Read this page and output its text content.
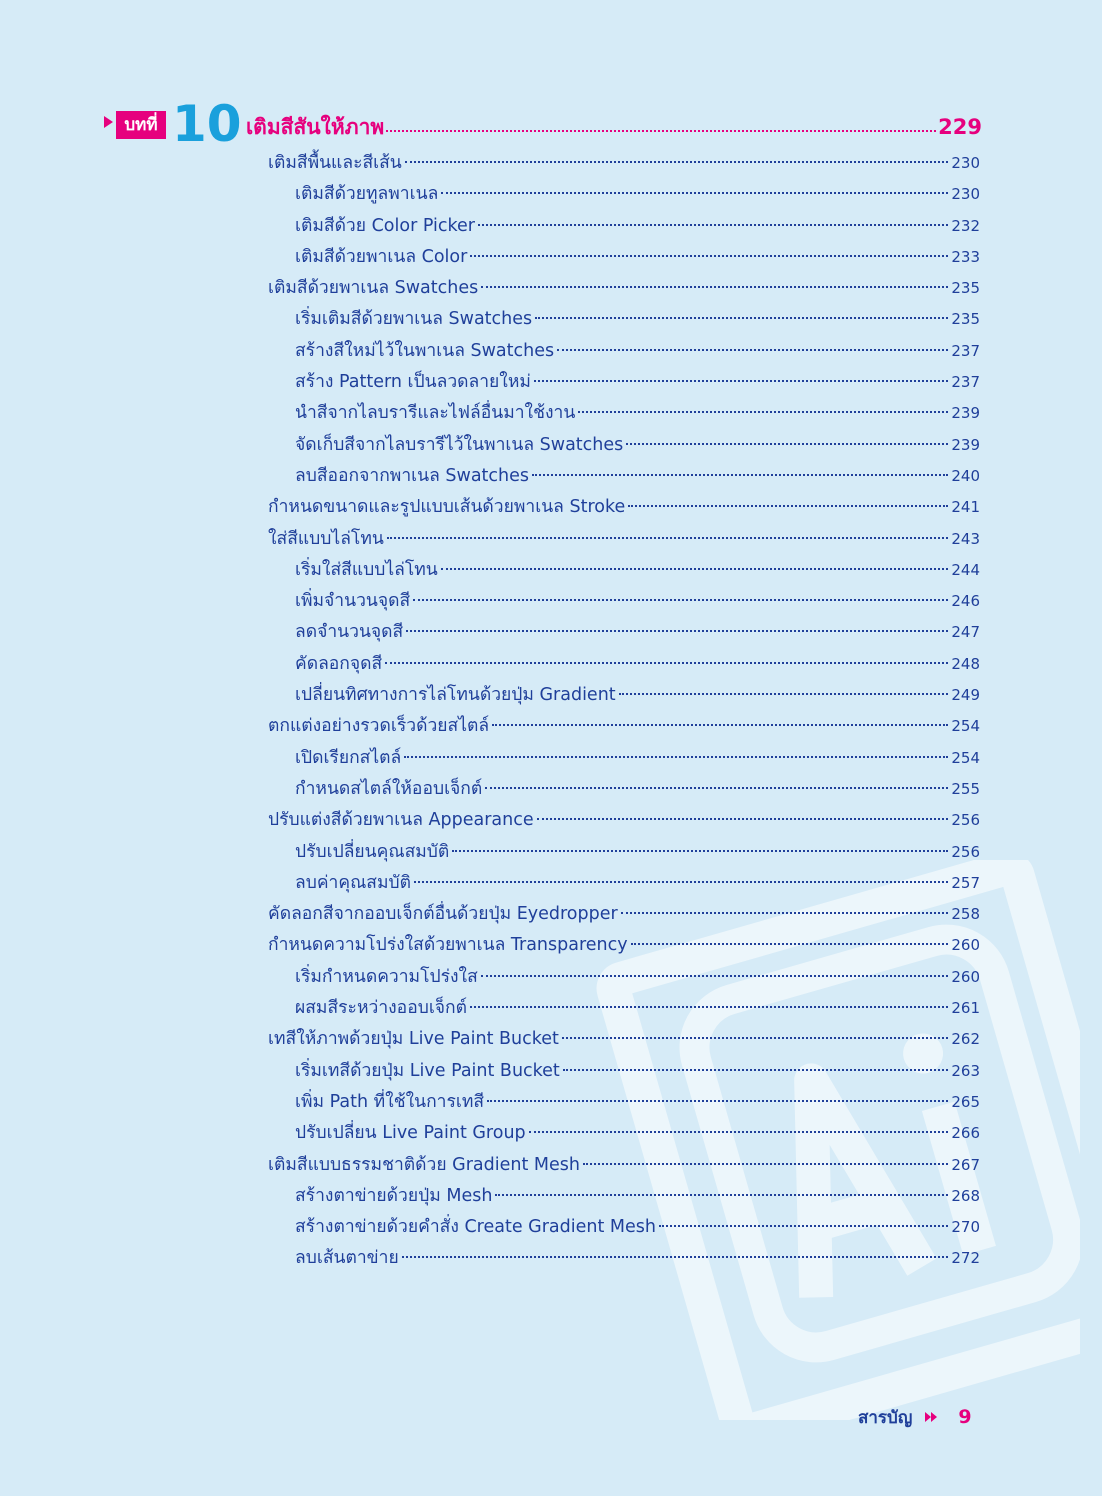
บทที่ 10 เติมสีสันให้ภาพ	229
เติมสีพื้นและสีเส้น	230
เติมสีด้วยทูลพาเนล	230
เติมสีด้วย Color Picker	232
เติมสีด้วยพาเนล Color	233
เติมสีด้วยพาเนล Swatches	235
เริ่มเติมสีด้วยพาเนล Swatches	235
สร้างสีใหม่ไว้ในพาเนล Swatches	237
สร้าง Pattern เป็นลวดลายใหม่	237
นำสีจากไลบรารีและไฟล์อื่นมาใช้งาน	239
จัดเก็บสีจากไลบรารีไว้ในพาเนล Swatches	239
ลบสีออกจากพาเนล Swatches	240
กำหนดขนาดและรูปแบบเส้นด้วยพาเนล Stroke	241
ใส่สีแบบไล่โทน	243
เริ่มใส่สีแบบไล่โทน	244
เพิ่มจำนวนจุดสี	246
ลดจำนวนจุดสี	247
คัดลอกจุดสี	248
เปลี่ยนทิศทางการไล่โทนด้วยปุ่ม Gradient	249
ตกแต่งอย่างรวดเร็วด้วยสไตล์	254
เปิดเรียกสไตล์	254
กำหนดสไตล์ให้ออบเจ็กต์	255
ปรับแต่งสีด้วยพาเนล Appearance	256
ปรับเปลี่ยนคุณสมบัติ	256
ลบค่าคุณสมบัติ	257
คัดลอกสีจากออบเจ็กต์อื่นด้วยปุ่ม Eyedropper	258
กำหนดความโปร่งใสด้วยพาเนล Transparency	260
เริ่มกำหนดความโปร่งใส	260
ผสมสีระหว่างออบเจ็กต์	261
เทสีให้ภาพด้วยปุ่ม Live Paint Bucket	262
เริ่มเทสีด้วยปุ่ม Live Paint Bucket	263
เพิ่ม Path ที่ใช้ในการเทสี	265
ปรับเปลี่ยน Live Paint Group	266
เติมสีแบบธรรมชาติด้วย Gradient Mesh	267
สร้างตาข่ายด้วยปุ่ม Mesh	268
สร้างตาข่ายด้วยคำสั่ง Create Gradient Mesh	270
ลบเส้นตาข่าย	272
สารบัญ 9
